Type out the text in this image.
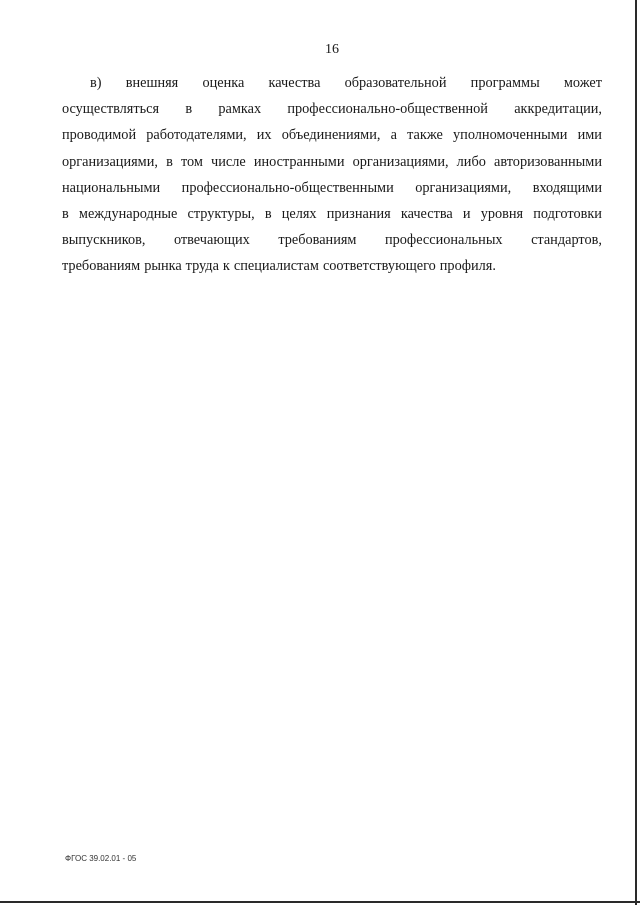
16
в) внешняя оценка качества образовательной программы может
осуществляться в рамках профессионально-общественной аккредитации,
проводимой работодателями, их объединениями, а также уполномоченными ими
организациями, в том числе иностранными организациями, либо авторизованными
национальными профессионально-общественными организациями, входящими
в международные структуры, в целях признания качества и уровня подготовки
выпускников, отвечающих требованиям профессиональных стандартов,
требованиям рынка труда к специалистам соответствующего профиля.
ФГОС 39.02.01 - 05
